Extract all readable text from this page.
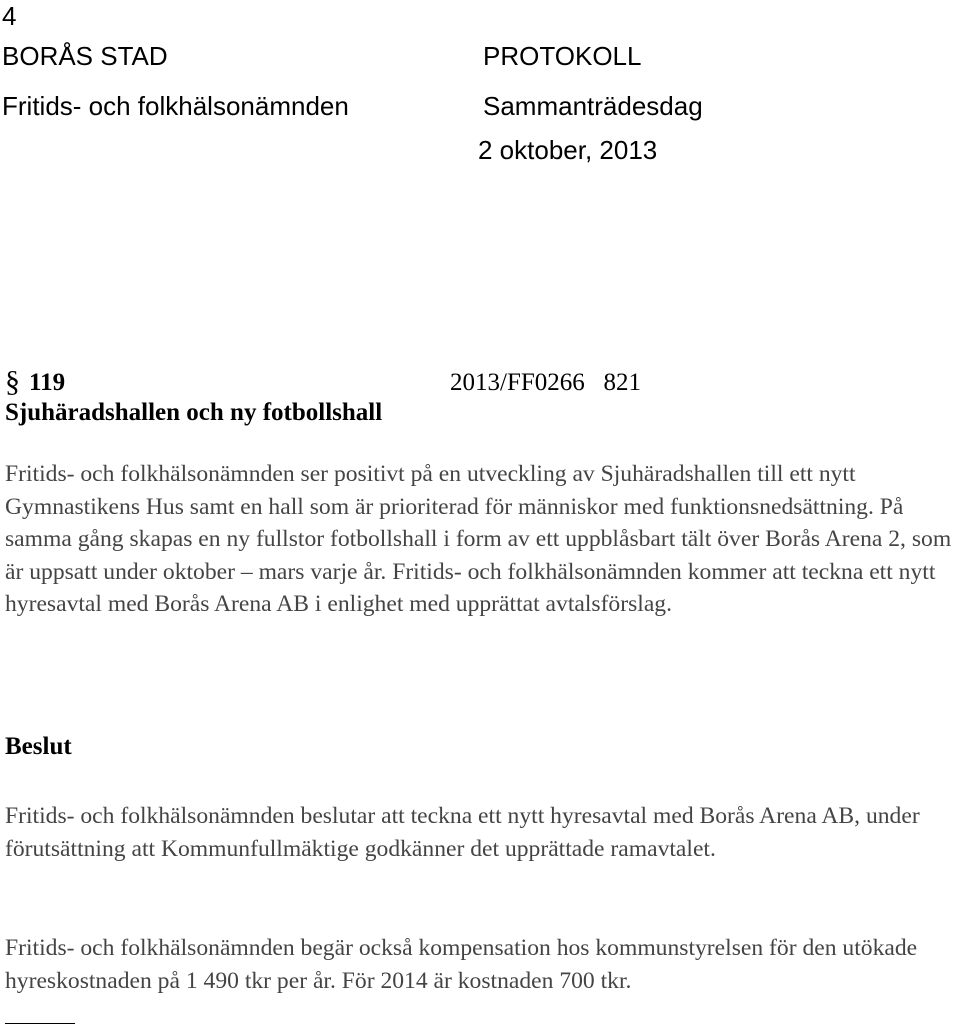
4
BORÅS STAD
Fritids- och folkhälsonämnden
PROTOKOLL
Sammanträdesdag
2 oktober, 2013
§ 119	2013/FF0266   821
Sjuhäradshallen och ny fotbollshall
Fritids- och folkhälsonämnden ser positivt på en utveckling av Sjuhäradshallen till ett nytt Gymnastikens Hus samt en hall som är prioriterad för människor med funktionsnedsättning. På samma gång skapas en ny fullstor fotbollshall i form av ett uppblåsbart tält över Borås Arena 2, som är uppsatt under oktober – mars varje år. Fritids- och folkhälsonämnden kommer att teckna ett nytt hyresavtal med Borås Arena AB i enlighet med upprättat avtalsförslag.
Beslut
Fritids- och folkhälsonämnden beslutar att teckna ett nytt hyresavtal med Borås Arena AB, under förutsättning att Kommunfullmäktige godkänner det upprättade ramavtalet.
Fritids- och folkhälsonämnden begär också kompensation hos kommunstyrelsen för den utökade hyreskostnaden på 1 490 tkr per år. För 2014 är kostnaden 700 tkr.
